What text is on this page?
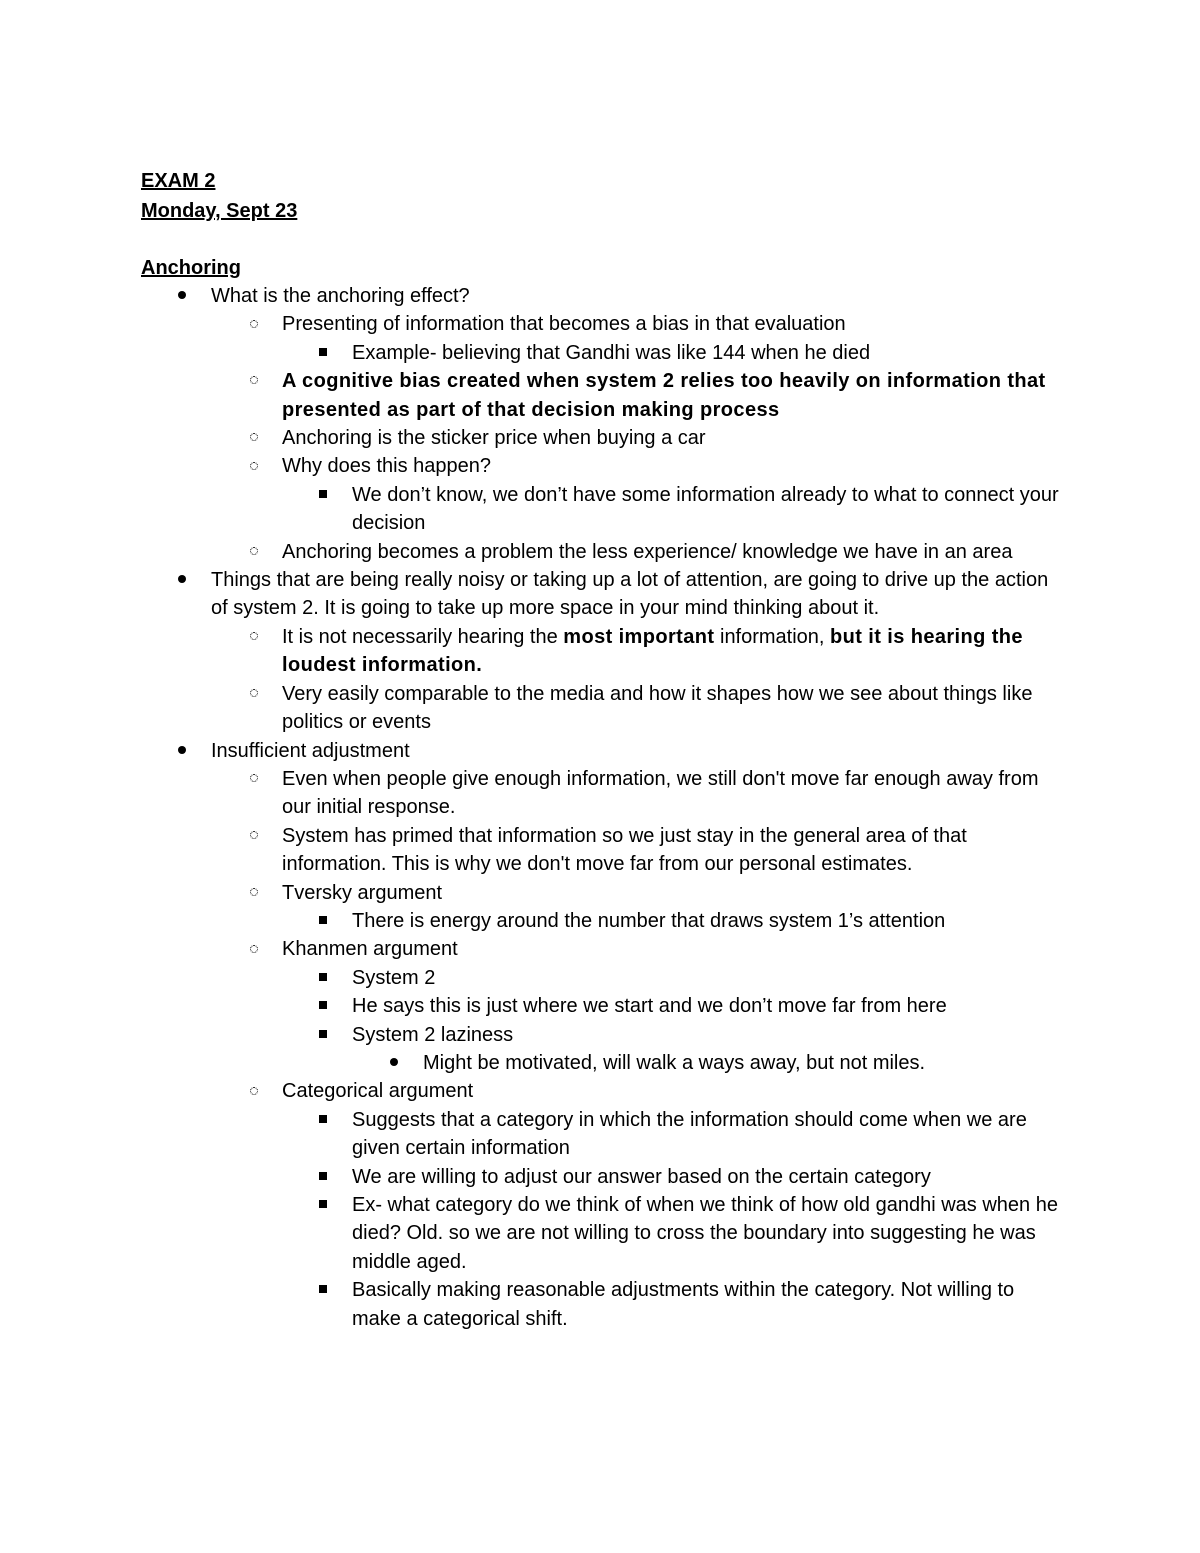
EXAM 2
Monday, Sept 23
Anchoring
What is the anchoring effect?
Presenting of information that becomes a bias in that evaluation
Example- believing that Gandhi was like 144 when he died
A cognitive bias created when system 2 relies too heavily on information that presented as part of that decision making process
Anchoring is the sticker price when buying a car
Why does this happen?
We don’t know, we don’t have some information already to what to connect your decision
Anchoring becomes a problem the less experience/ knowledge we have in an area
Things that are being really noisy or taking up a lot of attention, are going to drive up the action of system 2. It is going to take up more space in your mind thinking about it.
It is not necessarily hearing the most important information, but it is hearing the loudest information.
Very easily comparable to the media and how it shapes how we see about things like politics or events
Insufficient adjustment
Even when people give enough information, we still don't move far enough away from our initial response.
System has primed that information so we just stay in the general area of that information. This is why we don't move far from our personal estimates.
Tversky argument
There is energy around the number that draws system 1’s attention
Khanmen argument
System 2
He says this is just where we start and we don’t move far from here
System 2 laziness
Might be motivated, will walk a ways away, but not miles.
Categorical argument
Suggests that a category in which the information should come when we are given certain information
We are willing to adjust our answer based on the certain category
Ex- what category do we think of when we think of how old gandhi was when he died? Old. so we are not willing to cross the boundary into suggesting he was middle aged.
Basically making reasonable adjustments within the category. Not willing to make a categorical shift.
